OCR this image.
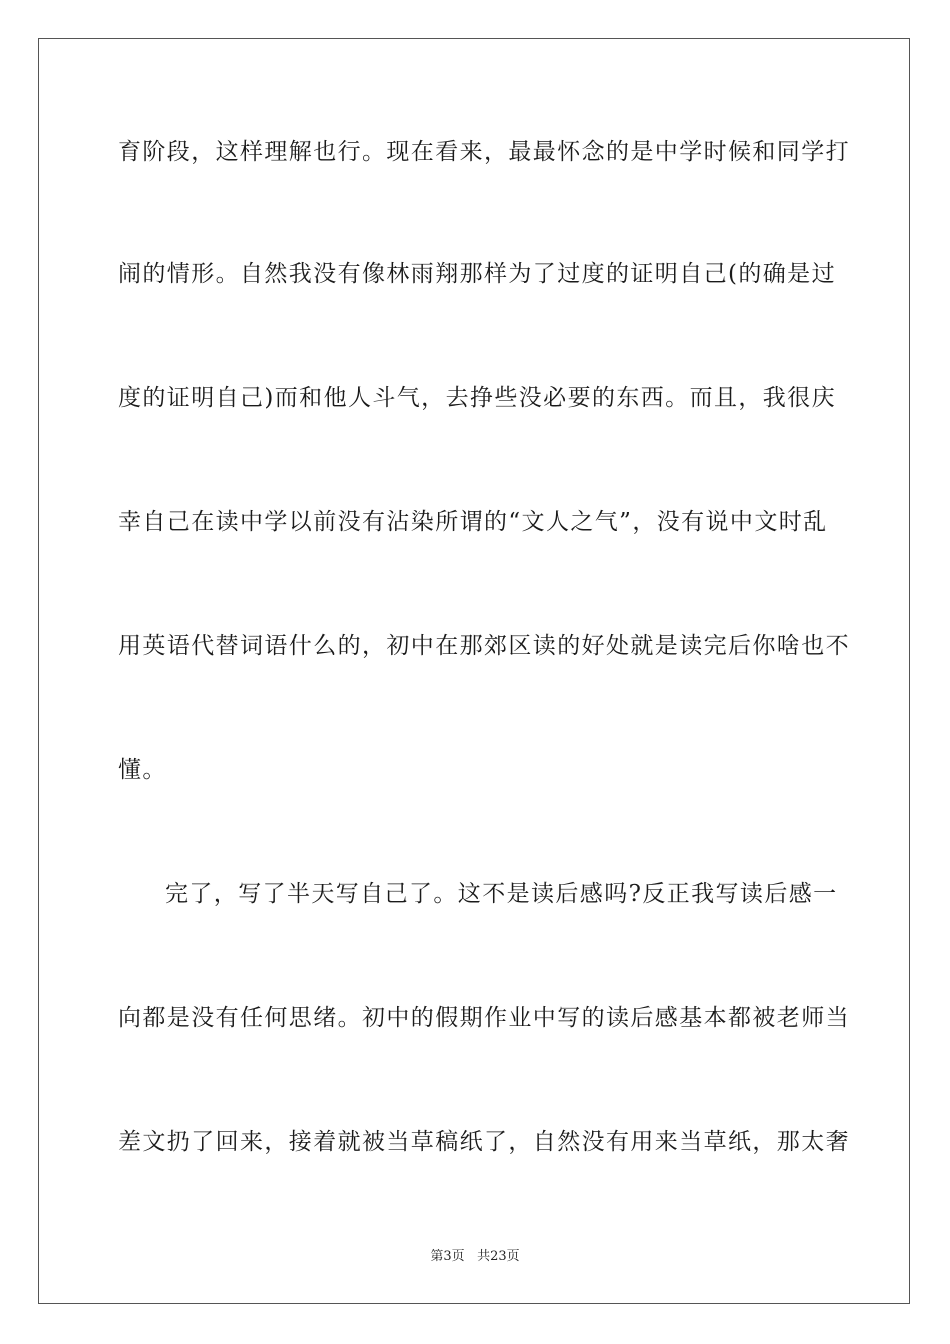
育阶段，这样理解也行。现在看来，最最怀念的是中学时候和同学打
闹的情形。自然我没有像林雨翔那样为了过度的证明自己(的确是过
度的证明自己)而和他人斗气，去挣些没必要的东西。而且，我很庆
幸自己在读中学以前没有沾染所谓的“文人之气”，没有说中文时乱
用英语代替词语什么的，初中在那郊区读的好处就是读完后你啥也不
懂。
完了，写了半天写自己了。这不是读后感吗?反正我写读后感一
向都是没有任何思绪。初中的假期作业中写的读后感基本都被老师当
差文扔了回来，接着就被当草稿纸了，自然没有用来当草纸，那太奢
第3页 共23页
